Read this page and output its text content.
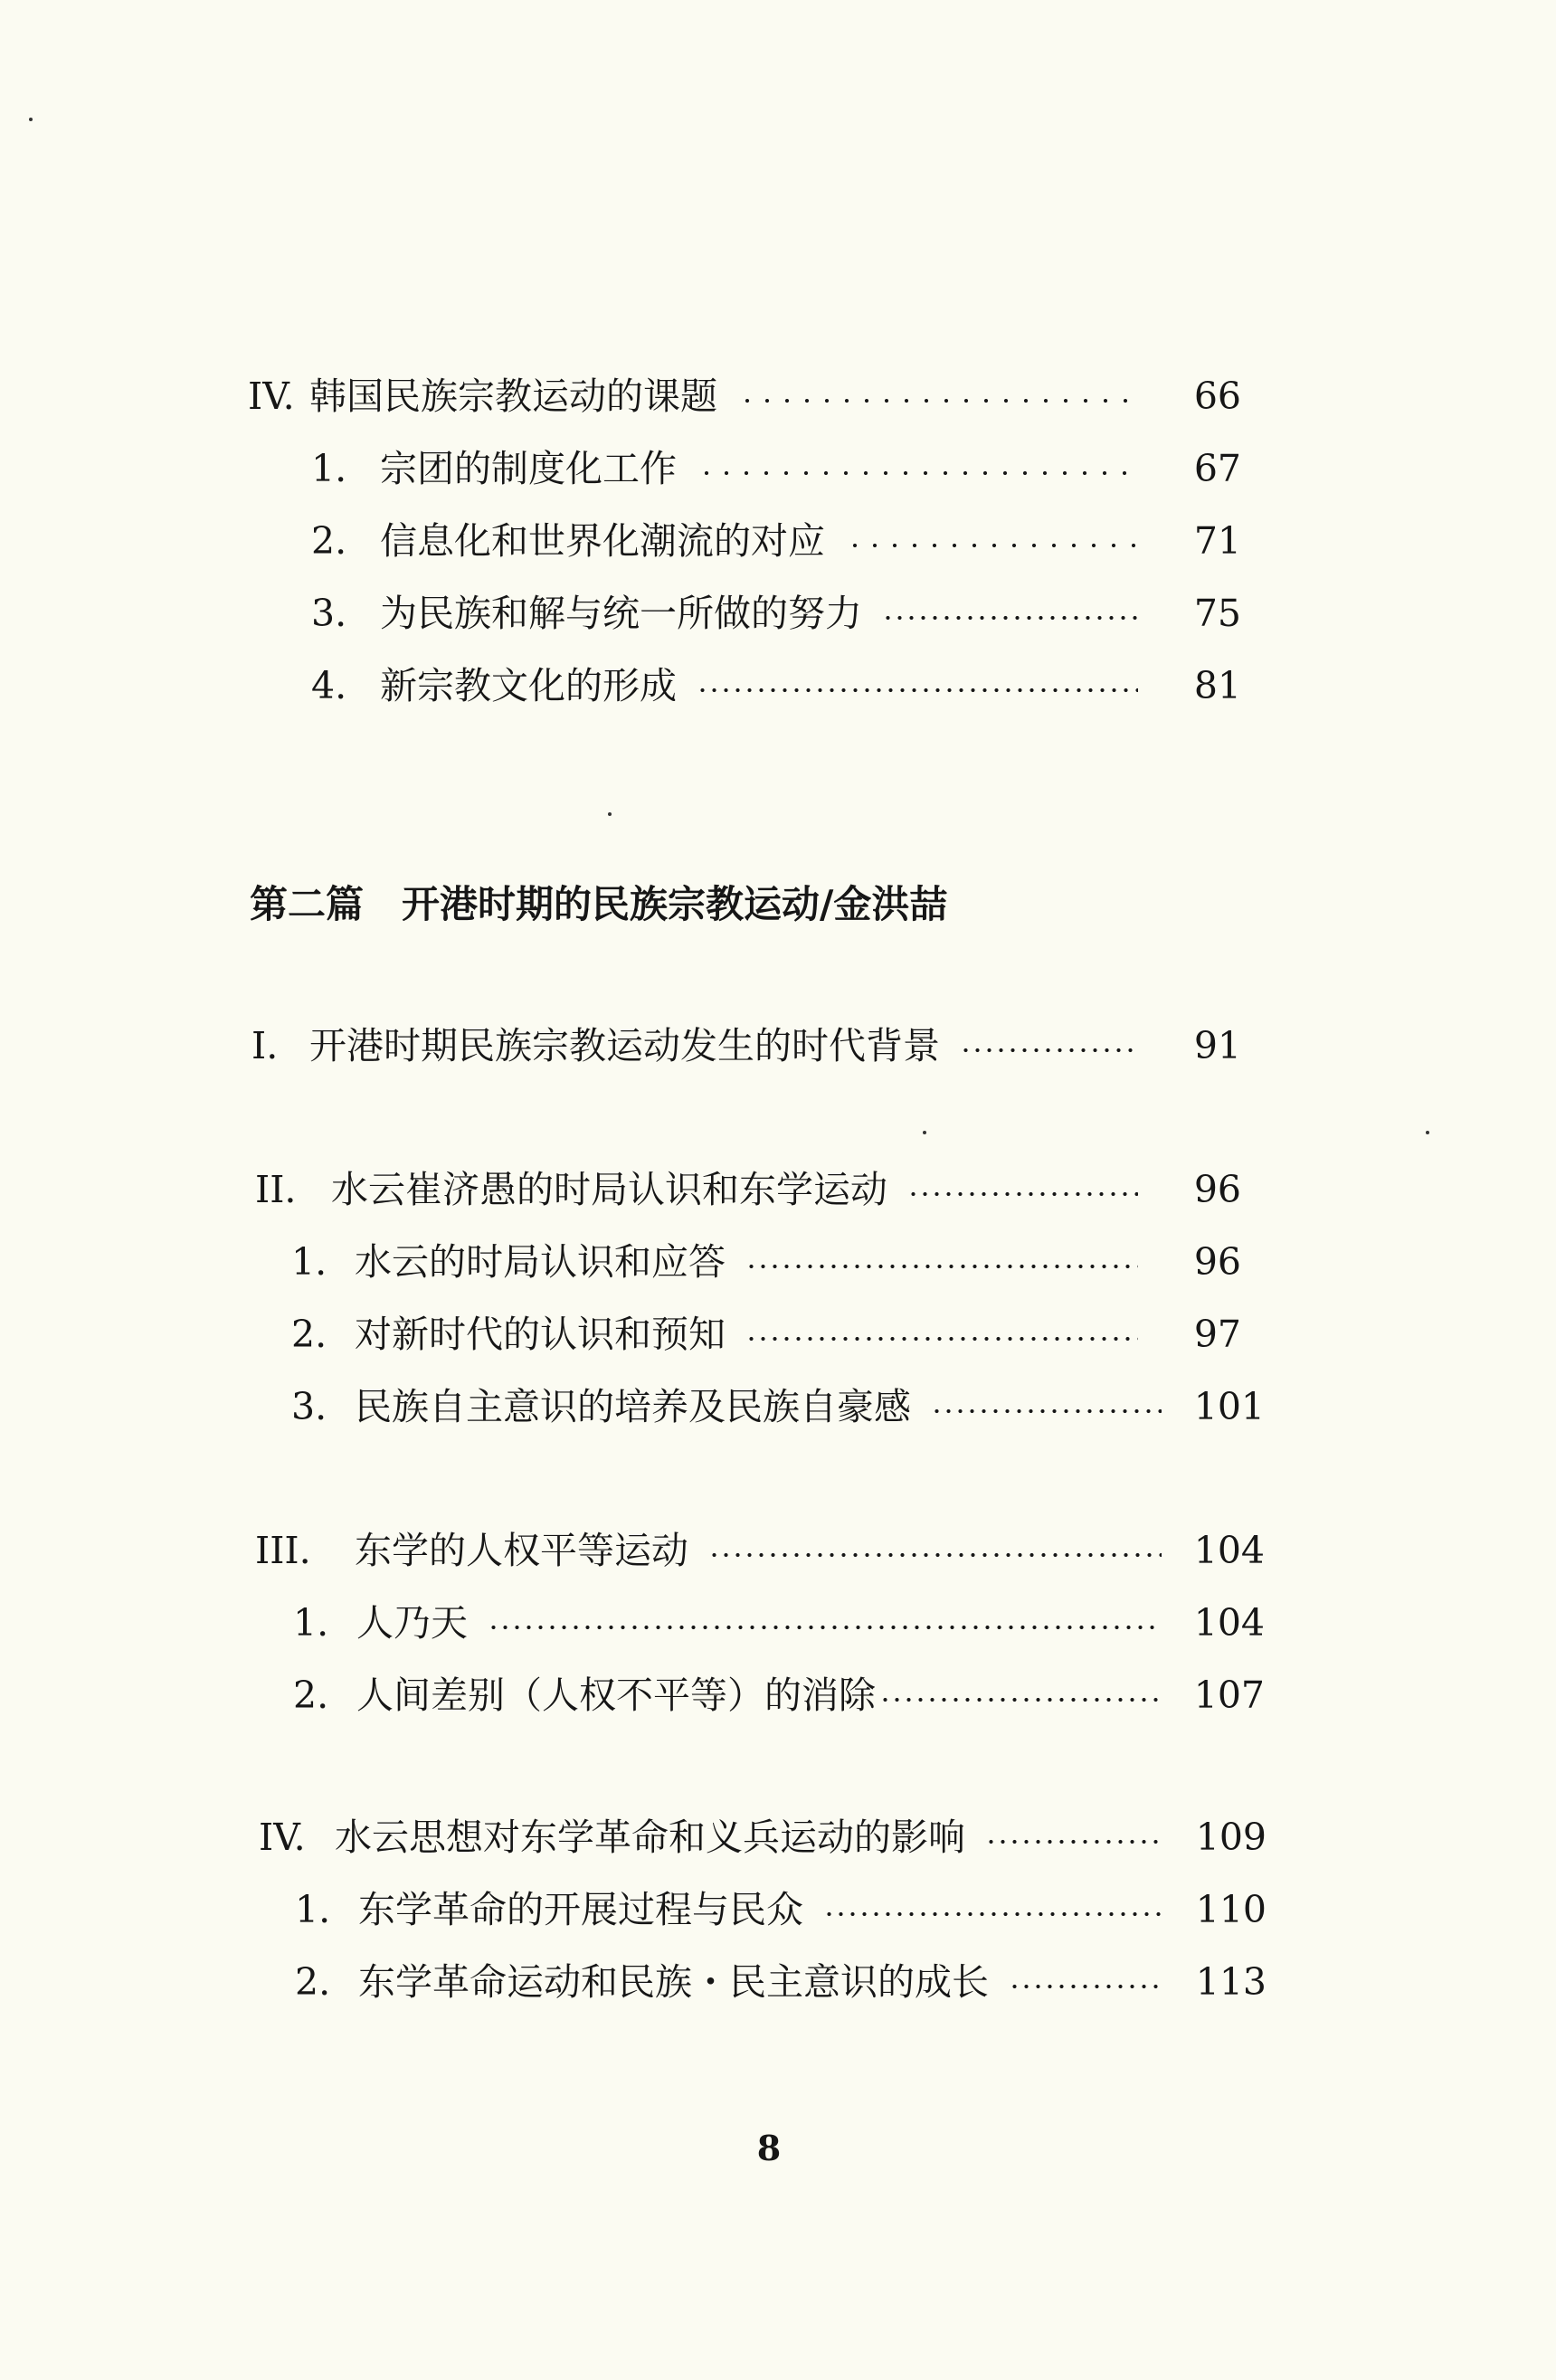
IV. 韩国民族宗教运动的课题	66
1. 宗团的制度化工作	67
2. 信息化和世界化潮流的对应	71
3. 为民族和解与统一所做的努力	75
4. 新宗教文化的形成	81
第二篇　开港时期的民族宗教运动/金洪喆
I. 开港时期民族宗教运动发生的时代背景	91
II. 水云崔济愚的时局认识和东学运动	96
1. 水云的时局认识和应答	96
2. 对新时代的认识和预知	97
3. 民族自主意识的培养及民族自豪感	101
III.	东学的人权平等运动	104
1. 人乃天	104
2. 人间差别（人权不平等）的消除	107
IV. 水云思想对东学革命和义兵运动的影响	109
1. 东学革命的开展过程与民众	110
2. 东学革命运动和民族・民主意识的成长	113
8
